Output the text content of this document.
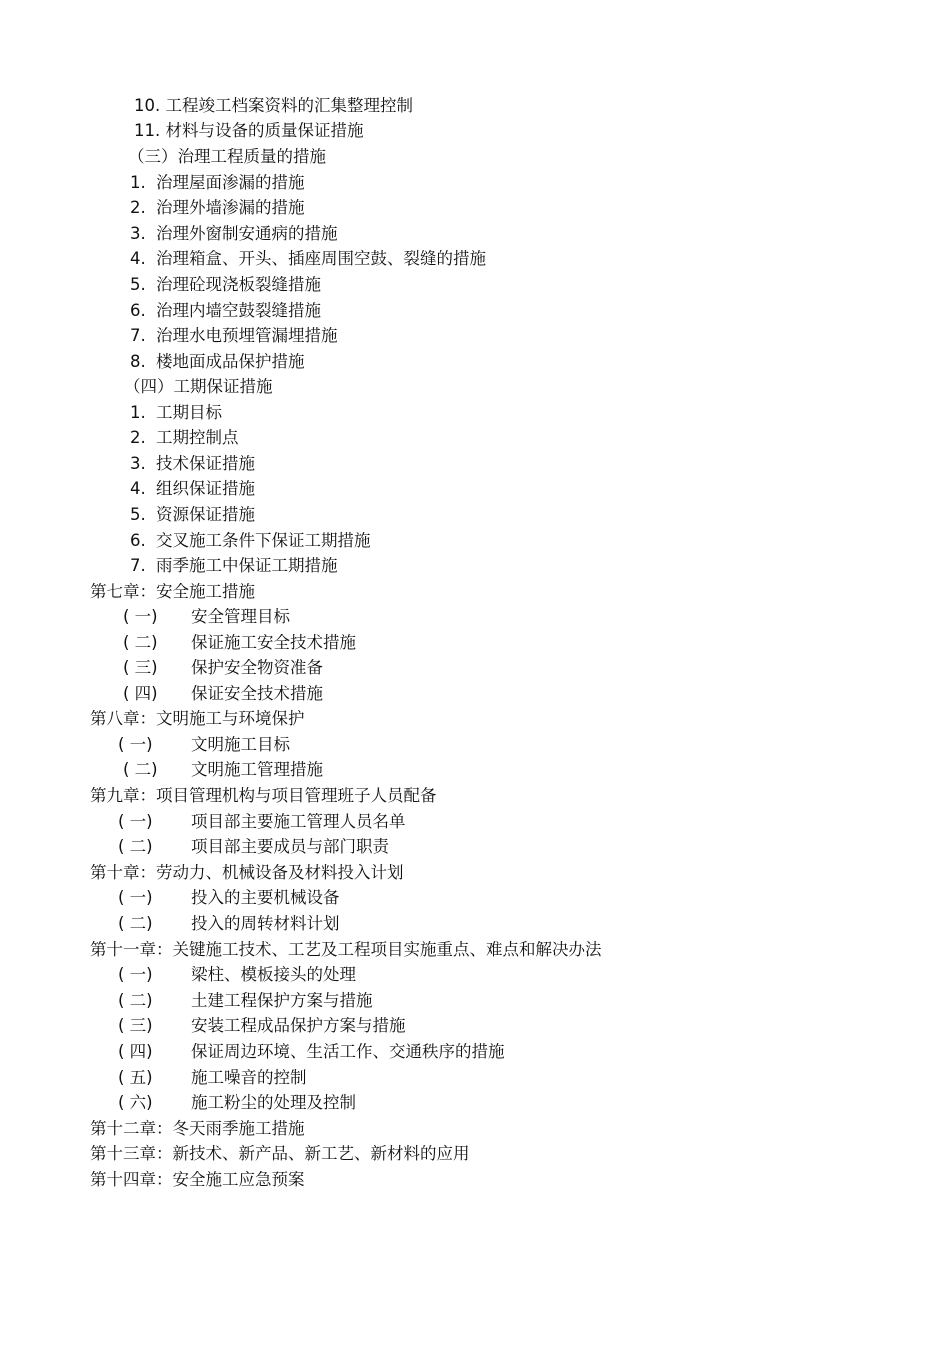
10. 工程竣工档案资料的汇集整理控制
11. 材料与设备的质量保证措施
（三）治理工程质量的措施
1. 治理屋面渗漏的措施
2. 治理外墙渗漏的措施
3. 治理外窗制安通病的措施
4. 治理箱盒、开头、插座周围空鼓、裂缝的措施
5. 治理砼现浇板裂缝措施
6. 治理内墙空鼓裂缝措施
7. 治理水电预埋管漏埋措施
8. 楼地面成品保护措施
（四）工期保证措施
1. 工期目标
2. 工期控制点
3. 技术保证措施
4. 组织保证措施
5. 资源保证措施
6. 交叉施工条件下保证工期措施
7. 雨季施工中保证工期措施
第七章：安全施工措施
( 一) 安全管理目标
( 二) 保证施工安全技术措施
( 三) 保护安全物资准备
( 四) 保证安全技术措施
第八章：文明施工与环境保护
( 一) 文明施工目标
( 二) 文明施工管理措施
第九章：项目管理机构与项目管理班子人员配备
( 一) 项目部主要施工管理人员名单
( 二) 项目部主要成员与部门职责
第十章：劳动力、机械设备及材料投入计划
( 一) 投入的主要机械设备
( 二) 投入的周转材料计划
第十一章：关键施工技术、工艺及工程项目实施重点、难点和解决办法
( 一) 梁柱、模板接头的处理
( 二) 土建工程保护方案与措施
( 三) 安装工程成品保护方案与措施
( 四) 保证周边环境、生活工作、交通秩序的措施
( 五) 施工噪音的控制
( 六) 施工粉尘的处理及控制
第十二章：冬天雨季施工措施
第十三章：新技术、新产品、新工艺、新材料的应用
第十四章：安全施工应急预案
